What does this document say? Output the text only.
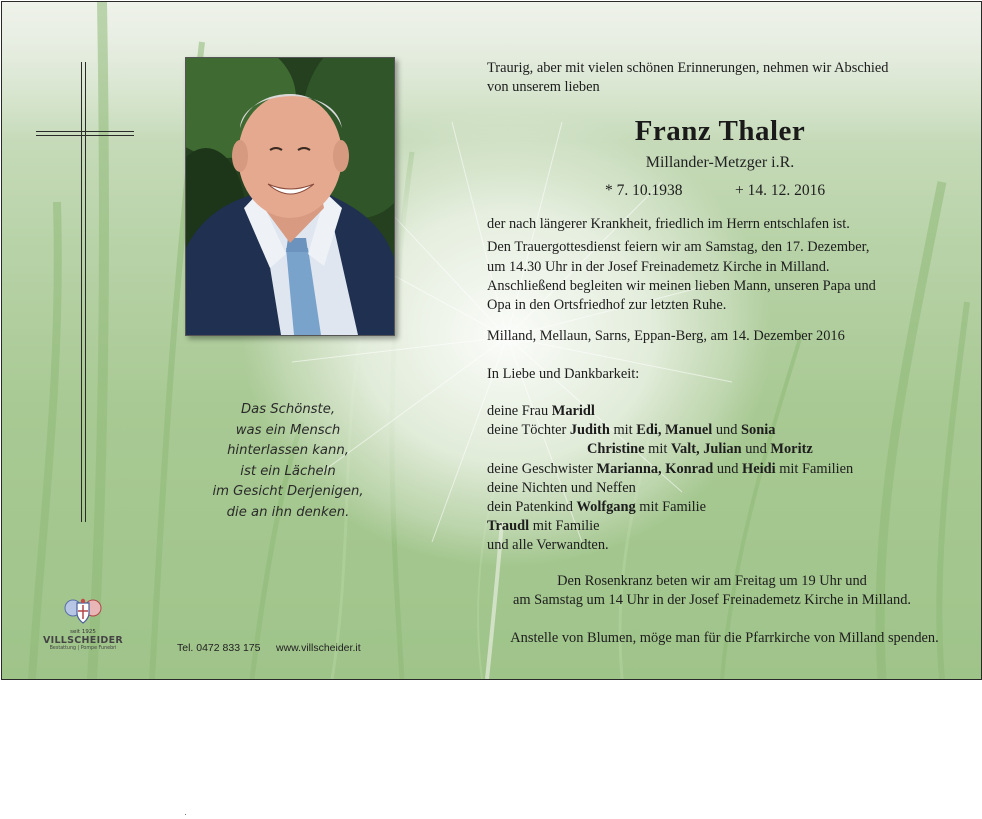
Das Schönste,
was ein Mensch
hinterlassen kann,
ist ein Lächeln
im Gesicht Derjenigen,
die an ihn denken.
Traurig, aber mit vielen schönen Erinnerungen, nehmen wir Abschied
von unserem lieben
Franz Thaler
Millander-Metzger i.R.
* 7. 10.1938	+ 14. 12. 2016
der nach längerer Krankheit, friedlich im Herrn entschlafen ist.
Den Trauergottesdienst feiern wir am Samstag, den 17. Dezember,
um 14.30 Uhr in der Josef Freinademetz Kirche in Milland.
Anschließend begleiten wir meinen lieben Mann, unseren Papa und
Opa in den Ortsfriedhof zur letzten Ruhe.
Milland, Mellaun, Sarns, Eppan-Berg, am 14. Dezember 2016
In Liebe und Dankbarkeit:
deine Frau Maridl
deine Töchter Judith mit Edi, Manuel und Sonia
Christine mit Valt, Julian und Moritz
deine Geschwister Marianna, Konrad und Heidi mit Familien
deine Nichten und Neffen
dein Patenkind Wolfgang mit Familie
Traudl mit Familie
und alle Verwandten.
Den Rosenkranz beten wir am Freitag um 19 Uhr und
am Samstag um 14 Uhr in der Josef Freinademetz Kirche in Milland.
Anstelle von Blumen, möge man für die Pfarrkirche von Milland spenden.
seit 1925
VILLSCHEIDER
Bestattung | Pompe Funebri	Tel. 0472 833 175 www.villscheider.it
